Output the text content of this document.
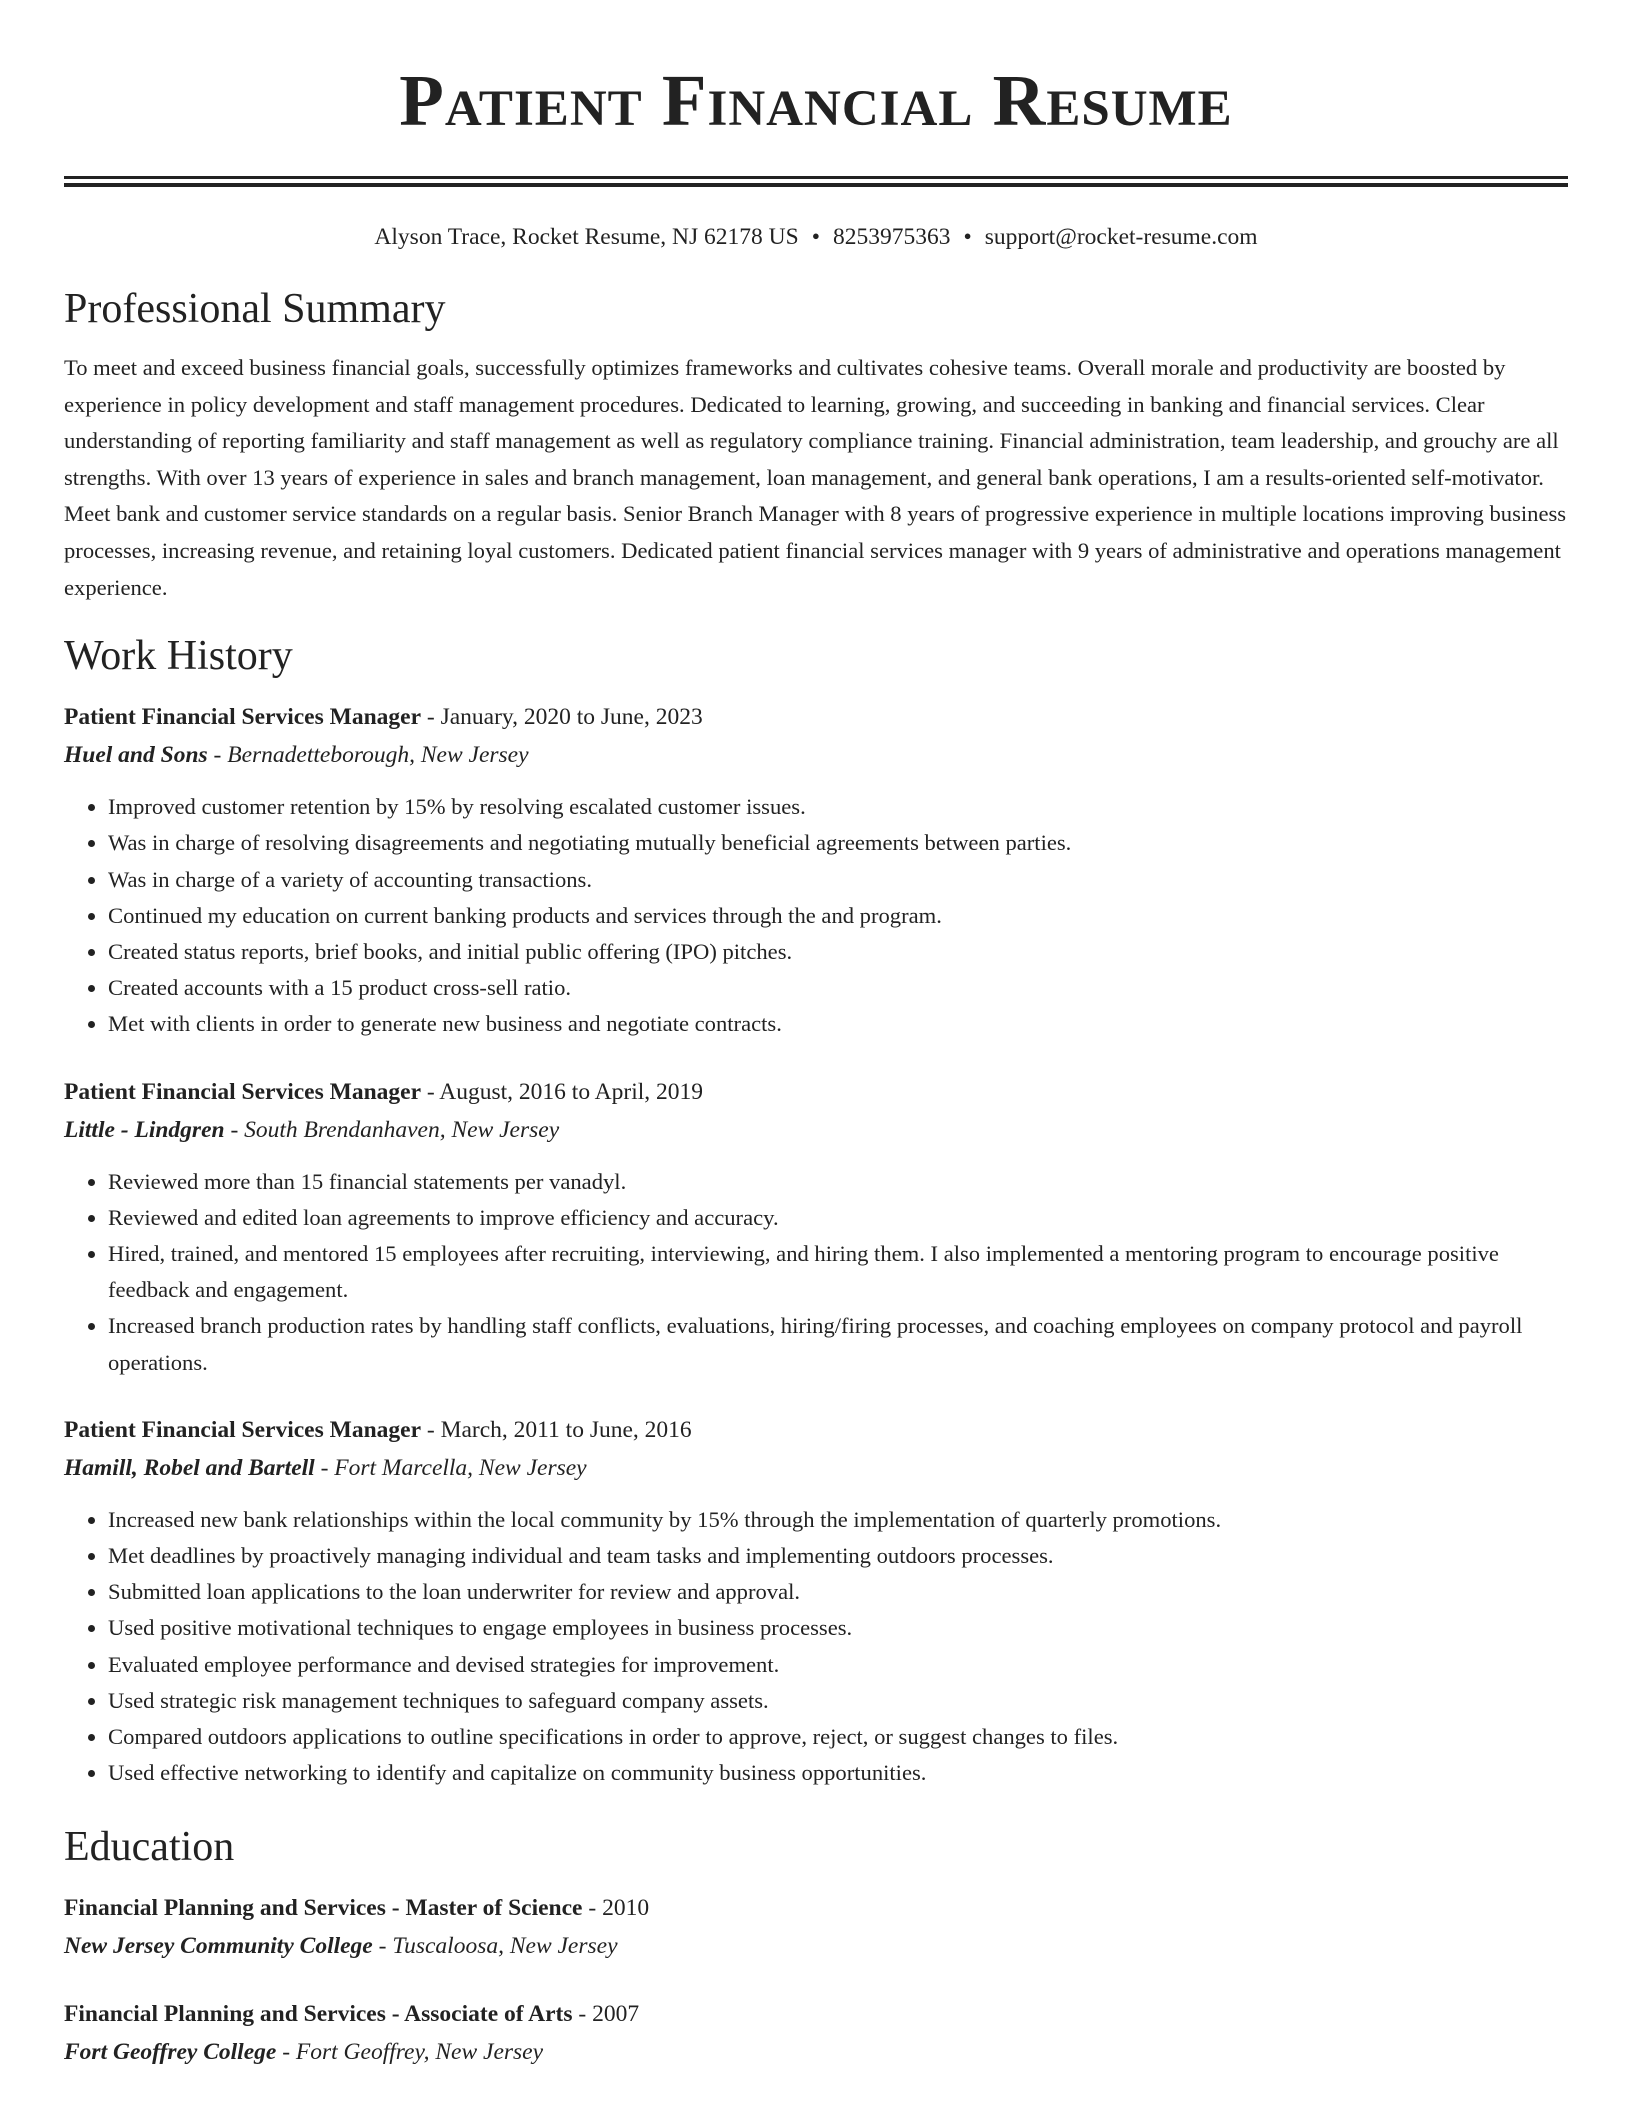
Patient Financial Resume
Alyson Trace, Rocket Resume, NJ 62178 US • 8253975363 • support@rocket-resume.com
Professional Summary

To meet and exceed business financial goals, successfully optimizes frameworks and cultivates cohesive teams. Overall morale and productivity are boosted by experience in policy development and staff management procedures. Dedicated to learning, growing, and succeeding in banking and financial services. Clear understanding of reporting familiarity and staff management as well as regulatory compliance training. Financial administration, team leadership, and grouchy are all strengths. With over 13 years of experience in sales and branch management, loan management, and general bank operations, I am a results-oriented self-motivator. Meet bank and customer service standards on a regular basis. Senior Branch Manager with 8 years of progressive experience in multiple locations improving business processes, increasing revenue, and retaining loyal customers. Dedicated patient financial services manager with 9 years of administrative and operations management experience.

Work History
Patient Financial Services Manager - January, 2020 to June, 2023
Huel and Sons - Bernadetteborough, New Jersey
• Improved customer retention by 15% by resolving escalated customer issues.
• Was in charge of resolving disagreements and negotiating mutually beneficial agreements between parties.
• Was in charge of a variety of accounting transactions.
• Continued my education on current banking products and services through the and program.
• Created status reports, brief books, and initial public offering (IPO) pitches.
• Created accounts with a 15 product cross-sell ratio.
• Met with clients in order to generate new business and negotiate contracts.
Patient Financial Services Manager - August, 2016 to April, 2019
Little - Lindgren - South Brendanhaven, New Jersey
• Reviewed more than 15 financial statements per vanadyl.
• Reviewed and edited loan agreements to improve efficiency and accuracy.
• Hired, trained, and mentored 15 employees after recruiting, interviewing, and hiring them. I also implemented a mentoring program to encourage positive feedback and engagement.
• Increased branch production rates by handling staff conflicts, evaluations, hiring/firing processes, and coaching employees on company protocol and payroll operations.
Patient Financial Services Manager - March, 2011 to June, 2016
Hamill, Robel and Bartell - Fort Marcella, New Jersey
• Increased new bank relationships within the local community by 15% through the implementation of quarterly promotions.
• Met deadlines by proactively managing individual and team tasks and implementing outdoors processes.
• Submitted loan applications to the loan underwriter for review and approval.
• Used positive motivational techniques to engage employees in business processes.
• Evaluated employee performance and devised strategies for improvement.
• Used strategic risk management techniques to safeguard company assets.
• Compared outdoors applications to outline specifications in order to approve, reject, or suggest changes to files.
• Used effective networking to identify and capitalize on community business opportunities.
Education
Financial Planning and Services - Master of Science - 2010
New Jersey Community College - Tuscaloosa, New Jersey
Financial Planning and Services - Associate of Arts - 2007
Fort Geoffrey College - Fort Geoffrey, New Jersey
